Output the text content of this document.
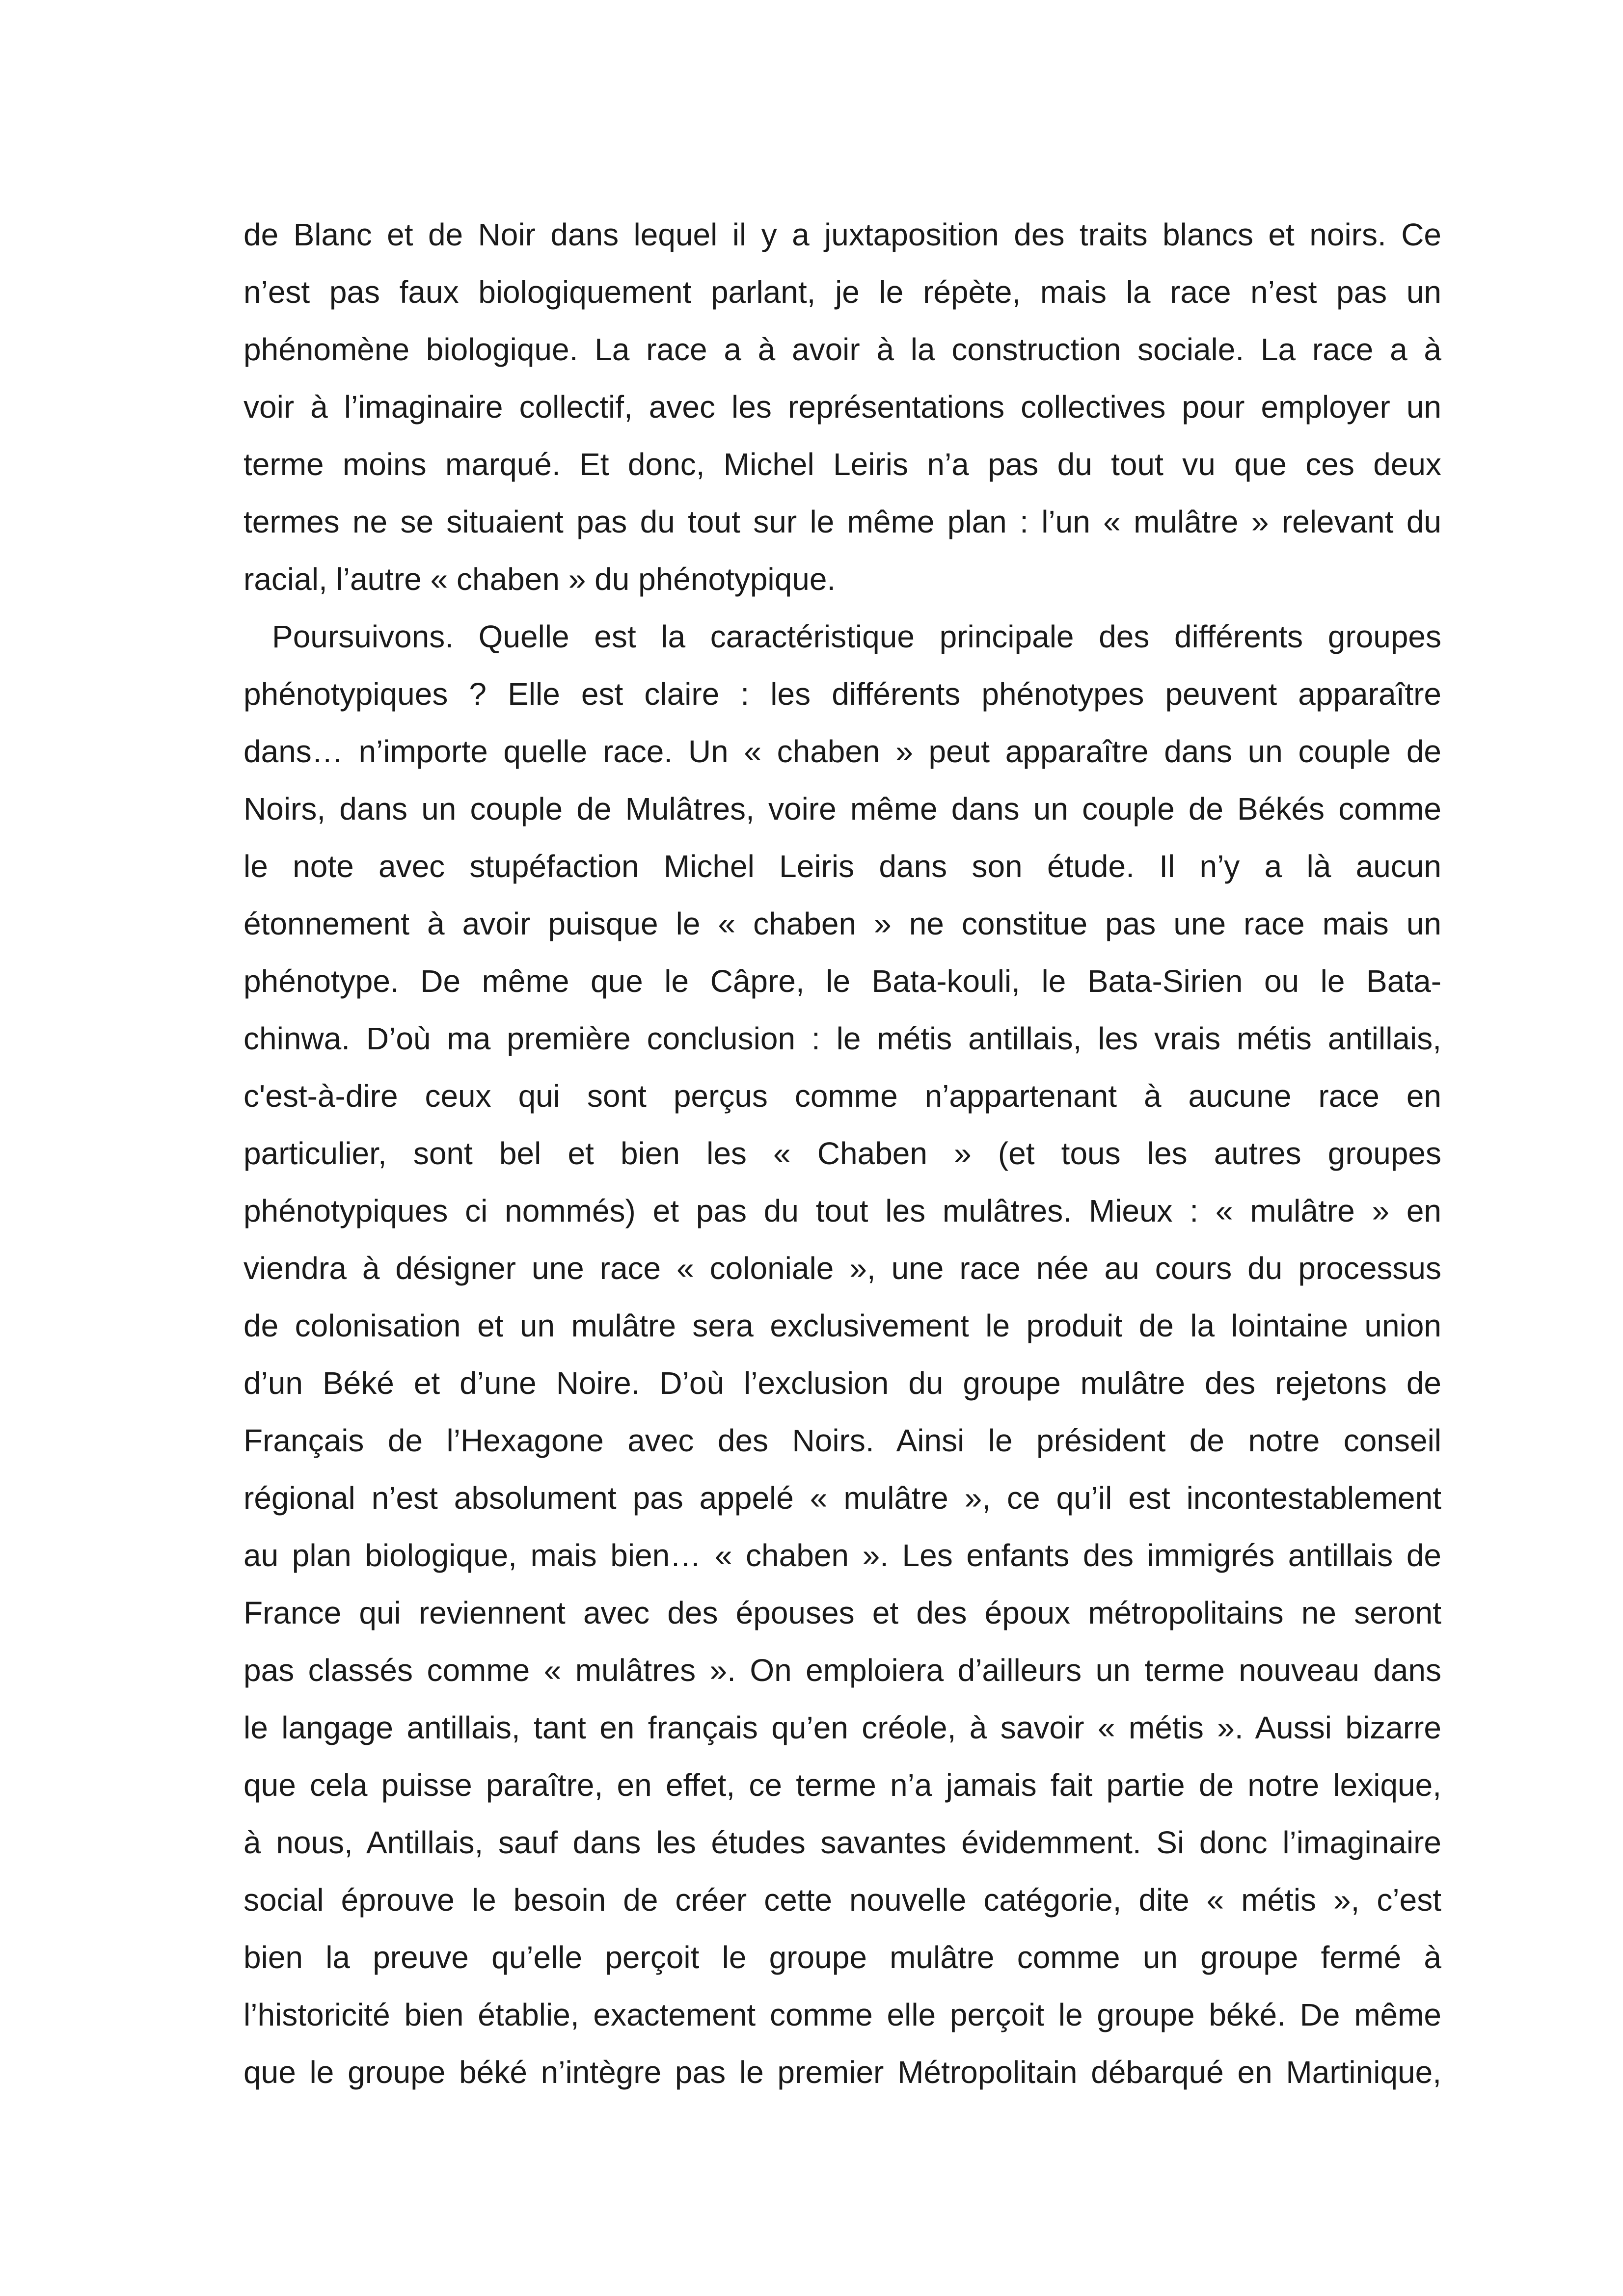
de Blanc et de Noir dans lequel il y a juxtaposition des traits blancs et noirs. Ce
n’est pas faux biologiquement parlant, je le répète, mais la race n’est pas un
phénomène biologique. La race a à avoir à la construction sociale. La race a à
voir à l’imaginaire collectif, avec les représentations collectives pour employer un
terme moins marqué. Et donc, Michel Leiris n’a pas du tout vu que ces deux
termes ne se situaient pas du tout sur le même plan : l’un « mulâtre » relevant du
racial, l’autre « chaben » du phénotypique.
Poursuivons. Quelle est la caractéristique principale des différents groupes
phénotypiques ? Elle est claire : les différents phénotypes peuvent apparaître
dans… n’importe quelle race. Un « chaben » peut apparaître dans un couple de
Noirs, dans un couple de Mulâtres, voire même dans un couple de Békés comme
le note avec stupéfaction Michel Leiris dans son étude. Il n’y a là aucun
étonnement à avoir puisque le « chaben » ne constitue pas une race mais un
phénotype. De même que le Câpre, le Bata-kouli, le Bata-Sirien ou le Bata-
chinwa. D’où ma première conclusion : le métis antillais, les vrais métis antillais,
c'est-à-dire ceux qui sont perçus comme n’appartenant à aucune race en
particulier, sont bel et bien les « Chaben » (et tous les autres groupes
phénotypiques ci nommés) et pas du tout les mulâtres. Mieux : « mulâtre » en
viendra à désigner une race « coloniale », une race née au cours du processus
de colonisation et un mulâtre sera exclusivement le produit de la lointaine union
d’un Béké et d’une Noire. D’où l’exclusion du groupe mulâtre des rejetons de
Français de l’Hexagone avec des Noirs. Ainsi le président de notre conseil
régional n’est absolument pas appelé « mulâtre », ce qu’il est incontestablement
au plan biologique, mais bien… « chaben ». Les enfants des immigrés antillais de
France qui reviennent avec des épouses et des époux métropolitains ne seront
pas classés comme « mulâtres ». On emploiera d’ailleurs un terme nouveau dans
le langage antillais, tant en français qu’en créole, à savoir « métis ». Aussi bizarre
que cela puisse paraître, en effet, ce terme n’a jamais fait partie de notre lexique,
à nous, Antillais, sauf dans les études savantes évidemment. Si donc l’imaginaire
social éprouve le besoin de créer cette nouvelle catégorie, dite « métis », c’est
bien la preuve qu’elle perçoit le groupe mulâtre comme un groupe fermé à
l’historicité bien établie, exactement comme elle perçoit le groupe béké. De même
que le groupe béké n’intègre pas le premier Métropolitain débarqué en Martinique,
